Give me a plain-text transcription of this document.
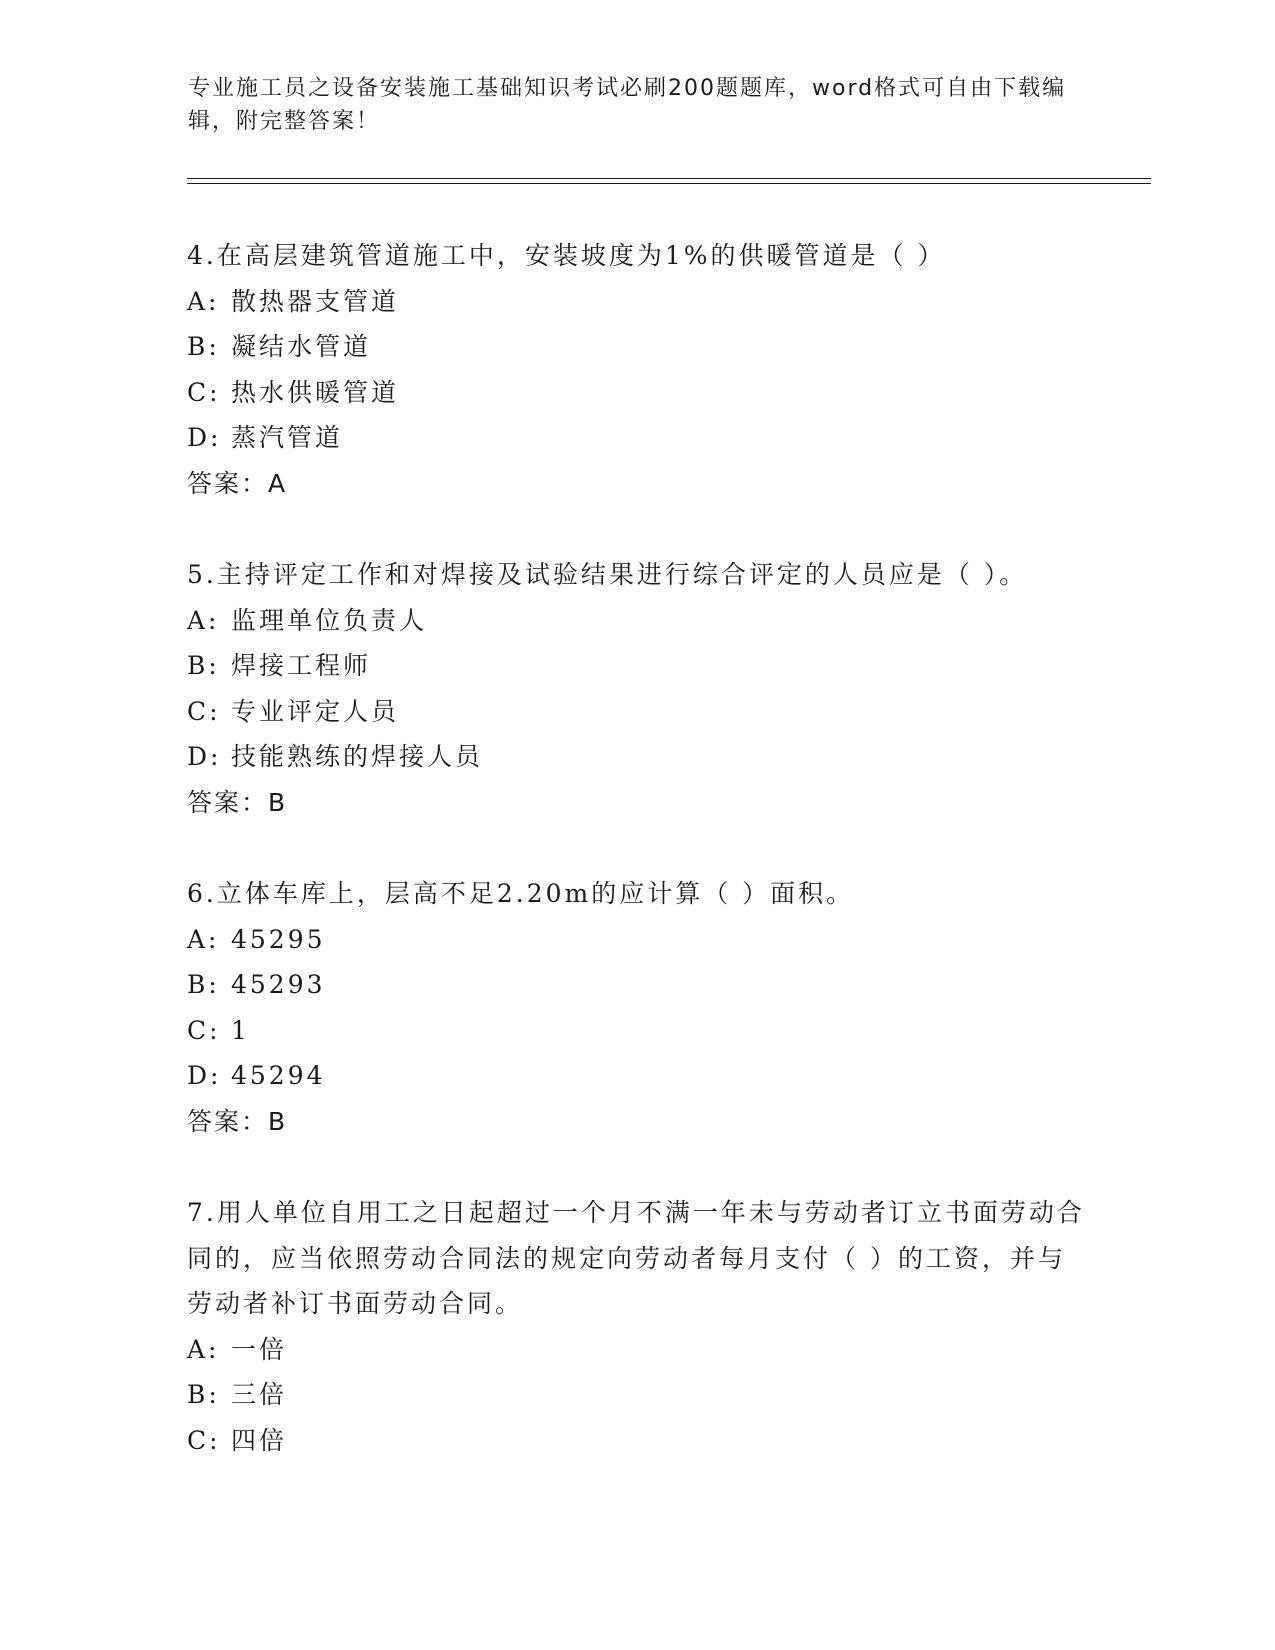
专业施工员之设备安装施工基础知识考试必刷200题题库，word格式可自由下载编辑，附完整答案！

4.在高层建筑管道施工中，安装坡度为1%的供暖管道是（ ）

A: 散热器支管道
B: 凝结水管道
C: 热水供暖管道
D: 蒸汽管道
答案：A

5.主持评定工作和对焊接及试验结果进行综合评定的人员应是（ ）。

A: 监理单位负责人
B: 焊接工程师
C: 专业评定人员
D: 技能熟练的焊接人员
答案：B

6.立体车库上，层高不足2.20m的应计算（ ）面积。

A: 45295
B: 45293
C: 1
D: 45294
答案：B

7.用人单位自用工之日起超过一个月不满一年未与劳动者订立书面劳动合同的，应当依照劳动合同法的规定向劳动者每月支付（ ）的工资，并与劳动者补订书面劳动合同。

A: 一倍
B: 三倍
C: 四倍
